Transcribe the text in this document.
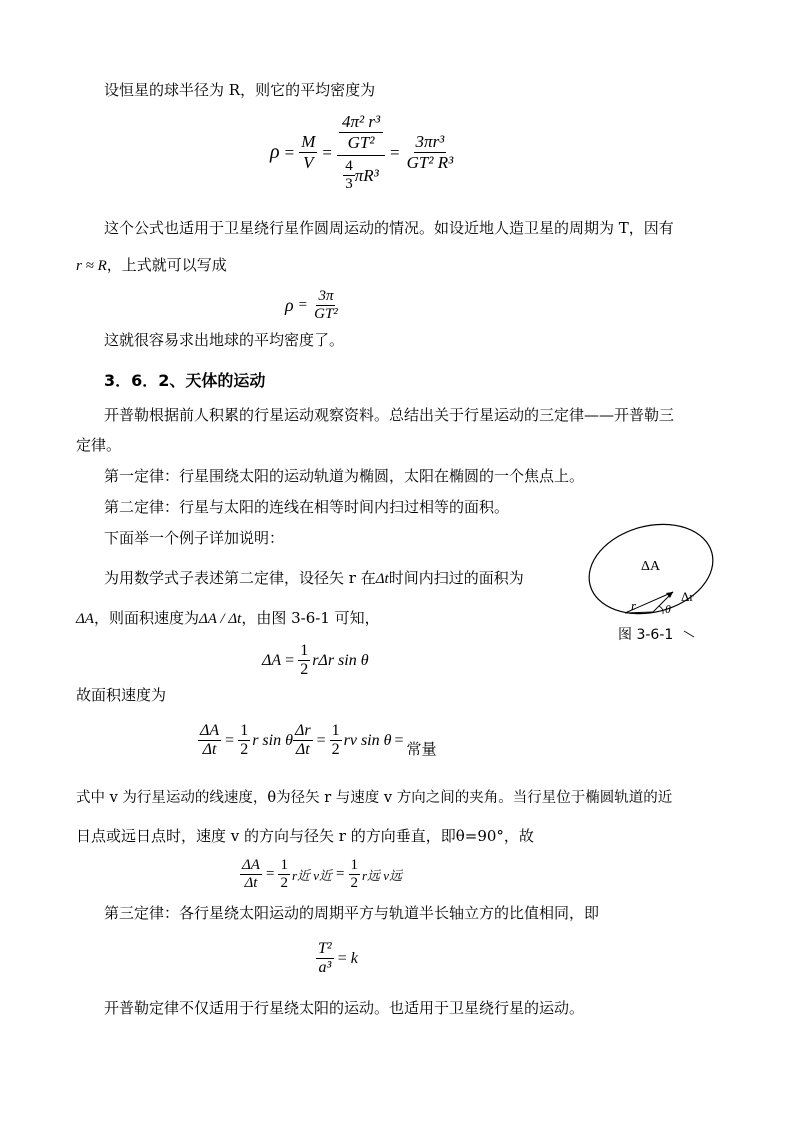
设恒星的球半径为 R，则它的平均密度为
$\rho = \frac{M}{V} = 4\pi^2$ r³
GT²
$\frac{4}{3} \pi R^3 = \frac{\text{3πr³}}{\text{GT² R³}}$
这个公式也适用于卫星绕行星作圆周运动的情况。如设近地人造卫星的周期为 T，因有
r ≈ R，上式就可以写成
$\rho = \frac{3\pi}{\text{GT²}}$
这就很容易求出地球的平均密度了。
3．6．2、天体的运动
开普勒根据前人积累的行星运动观察资料。总结出关于行星运动的三定律——开普勒三
定律。
第一定律：行星围绕太阳的运动轨道为椭圆，太阳在椭圆的一个焦点上。
第二定律：行星与太阳的连线在相等时间内扫过相等的面积。
下面举一个例子详加说明：
为用数学式子表述第二定律，设径矢 r 在Δt时间内扫过的面积为
ΔA，则面积速度为ΔA / Δt，由图 3-6-1 可知，
ΔA
r
Δr
θ
图 3-6-1
$\Delta A = \frac{1}{2}$ rΔr sin θ
故面积速度为
$\frac{\Delta A}{\Delta t} = \frac{1}{2}$ r sin θ $\frac{\Delta r}{\Delta t} = \frac{1}{2}$ rv sin θ = 常量
式中 v 为行星运动的线速度，θ为径矢 r 与速度 v 方向之间的夹角。当行星位于椭圆轨道的近
日点或远日点时，速度 v 的方向与径矢 r 的方向垂直，即θ=90°，故
$\frac{\Delta A}{\Delta t} = \frac{1}{2}$ r近 v近 = $\frac{1}{2}$ r远 v远
第三定律：各行星绕太阳运动的周期平方与轨道半长轴立方的比值相同，即
$\frac{\text{T²}}{\text{a³}} = k$
开普勒定律不仅适用于行星绕太阳的运动。也适用于卫星绕行星的运动。
